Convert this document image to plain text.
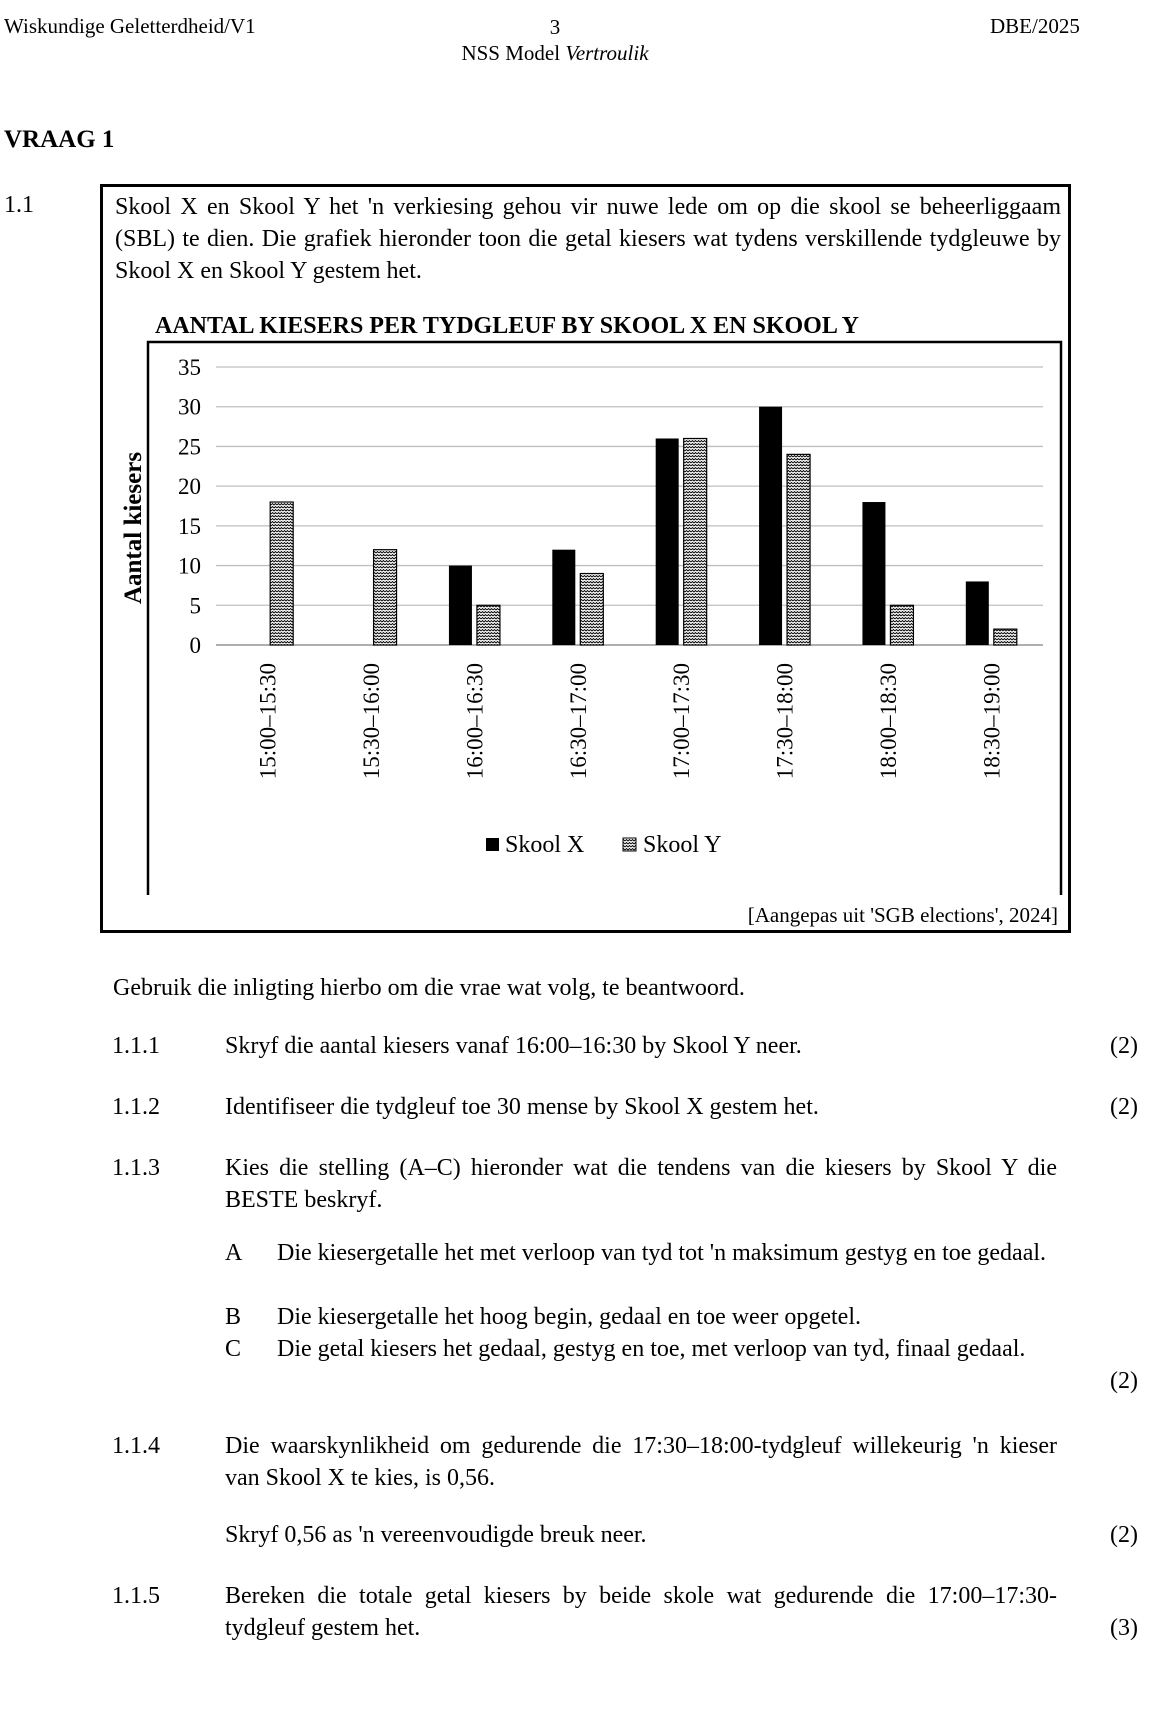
Wiskundige Geletterdheid/V1	3
NSS Model Vertroulik
DBE/2025
VRAAG 1
1.1	Skool X en Skool Y het 'n verkiesing gehou vir nuwe lede om op die skool se beheerliggaam (SBL) te dien. Die grafiek hieronder toon die getal kiesers wat tydens verskillende tydgleuwe by Skool X en Skool Y gestem het.

AANTAL KIESERS PER TYDGLEUF BY SKOOL X EN SKOOL Y
0
5
10
15
20
25
30
35
Aantal kiesers
15:00–15:30	15:30–16:00	16:00–16:30	16:30–17:00	17:00–17:30	17:30–18:00	18:00–18:30	18:30–19:00
Skool X Skool Y
[Aangepas uit 'SGB elections', 2024]

Gebruik die inligting hierbo om die vrae wat volg, te beantwoord.

1.1.1	Skryf die aantal kiesers vanaf 16:00–16:30 by Skool Y neer.	(2)
1.1.2	Identifiseer die tydgleuf toe 30 mense by Skool X gestem het.	(2)
1.1.3	Kies die stelling (A–C) hieronder wat die tendens van die kiesers by Skool Y die BESTE beskryf.

A Die kiesergetalle het met verloop van tyd tot 'n maksimum gestyg en toe gedaal.

B Die kiesergetalle het hoog begin, gedaal en toe weer opgetel.

C Die getal kiesers het gedaal, gestyg en toe, met verloop van tyd, finaal gedaal.

(2)
1.1.4	Die waarskynlikheid om gedurende die 17:30–18:00-tydgleuf willekeurig 'n kieser van Skool X te kies, is 0,56.

Skryf 0,56 as 'n vereenvoudigde breuk neer.	(2)
1.1.5	Bereken die totale getal kiesers by beide skole wat gedurende die 17:00–17:30-tydgleuf gestem het.	(3)
